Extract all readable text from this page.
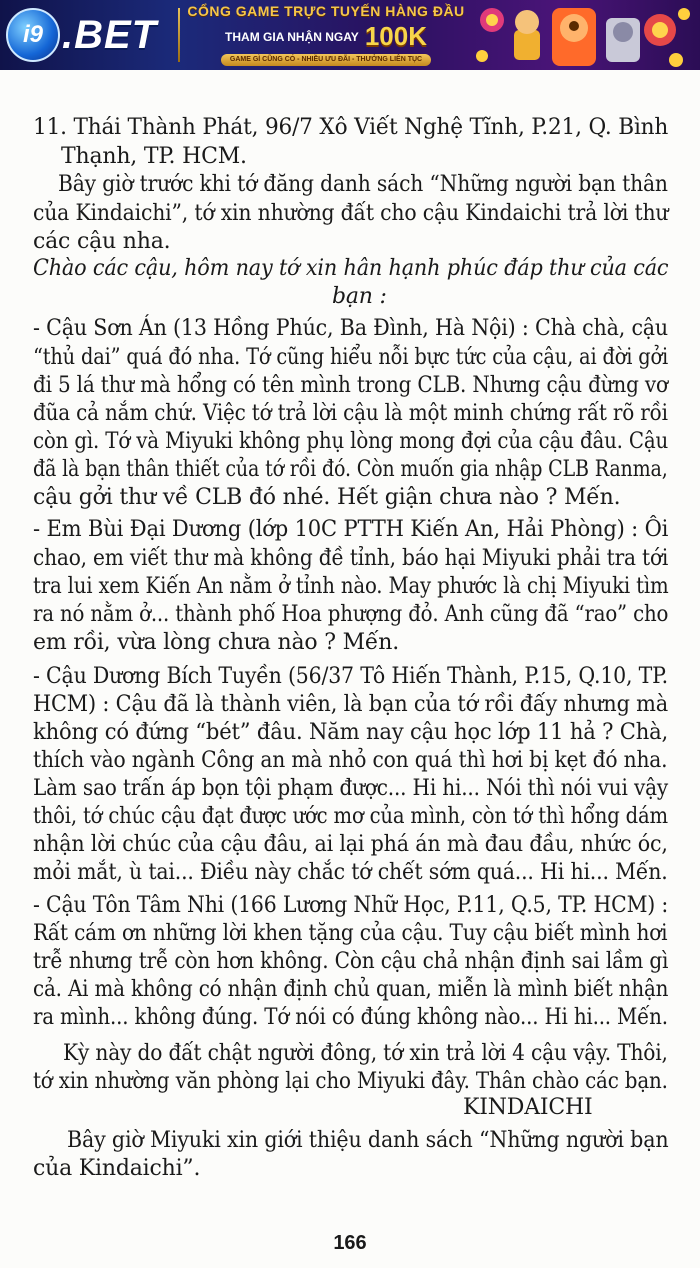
i9 .BET
CỔNG GAME TRỰC TUYẾN HÀNG ĐẦU
THAM GIA NHẬN NGAY 100K
GAME GÌ CŨNG CÓ - NHIỀU ƯU ĐÃI - THƯỞNG LIÊN TỤC
11. Thái Thành Phát, 96/7 Xô Viết Nghệ Tĩnh, P.21, Q. Bình
Thạnh, TP. HCM.
Bây giờ trước khi tớ đăng danh sách “Những người bạn thân
của Kindaichi”, tớ xin nhường đất cho cậu Kindaichi trả lời thư
các cậu nha.
Chào các cậu, hôm nay tớ xin hân hạnh phúc đáp thư của các
bạn :
- Cậu Sơn Án (13 Hồng Phúc, Ba Đình, Hà Nội) : Chà chà, cậu
“thủ dai” quá đó nha. Tớ cũng hiểu nỗi bực tức của cậu, ai đời gởi
đi 5 lá thư mà hổng có tên mình trong CLB. Nhưng cậu đừng vơ
đũa cả nắm chứ. Việc tớ trả lời cậu là một minh chứng rất rõ rồi
còn gì. Tớ và Miyuki không phụ lòng mong đợi của cậu đâu. Cậu
đã là bạn thân thiết của tớ rồi đó. Còn muốn gia nhập CLB Ranma,
cậu gởi thư về CLB đó nhé. Hết giận chưa nào ? Mến.
- Em Bùi Đại Dương (lớp 10C PTTH Kiến An, Hải Phòng) : Ôi
chao, em viết thư mà không đề tỉnh, báo hại Miyuki phải tra tới
tra lui xem Kiến An nằm ở tỉnh nào. May phước là chị Miyuki tìm
ra nó nằm ở... thành phố Hoa phượng đỏ. Anh cũng đã “rao” cho
em rồi, vừa lòng chưa nào ? Mến.
- Cậu Dương Bích Tuyền (56/37 Tô Hiến Thành, P.15, Q.10, TP.
HCM) : Cậu đã là thành viên, là bạn của tớ rồi đấy nhưng mà
không có đứng “bét” đâu. Năm nay cậu học lớp 11 hả ? Chà,
thích vào ngành Công an mà nhỏ con quá thì hơi bị kẹt đó nha.
Làm sao trấn áp bọn tội phạm được... Hi hi... Nói thì nói vui vậy
thôi, tớ chúc cậu đạt được ước mơ của mình, còn tớ thì hổng dám
nhận lời chúc của cậu đâu, ai lại phá án mà đau đầu, nhức óc,
mỏi mắt, ù tai... Điều này chắc tớ chết sớm quá... Hi hi... Mến.
- Cậu Tôn Tâm Nhi (166 Lương Nhữ Học, P.11, Q.5, TP. HCM) :
Rất cám ơn những lời khen tặng của cậu. Tuy cậu biết mình hơi
trễ nhưng trễ còn hơn không. Còn cậu chả nhận định sai lầm gì
cả. Ai mà không có nhận định chủ quan, miễn là mình biết nhận
ra mình... không đúng. Tớ nói có đúng không nào... Hi hi... Mến.
Kỳ này do đất chật người đông, tớ xin trả lời 4 cậu vậy. Thôi,
tớ xin nhường văn phòng lại cho Miyuki đây. Thân chào các bạn.
KINDAICHI
Bây giờ Miyuki xin giới thiệu danh sách “Những người bạn
của Kindaichi”.
166
